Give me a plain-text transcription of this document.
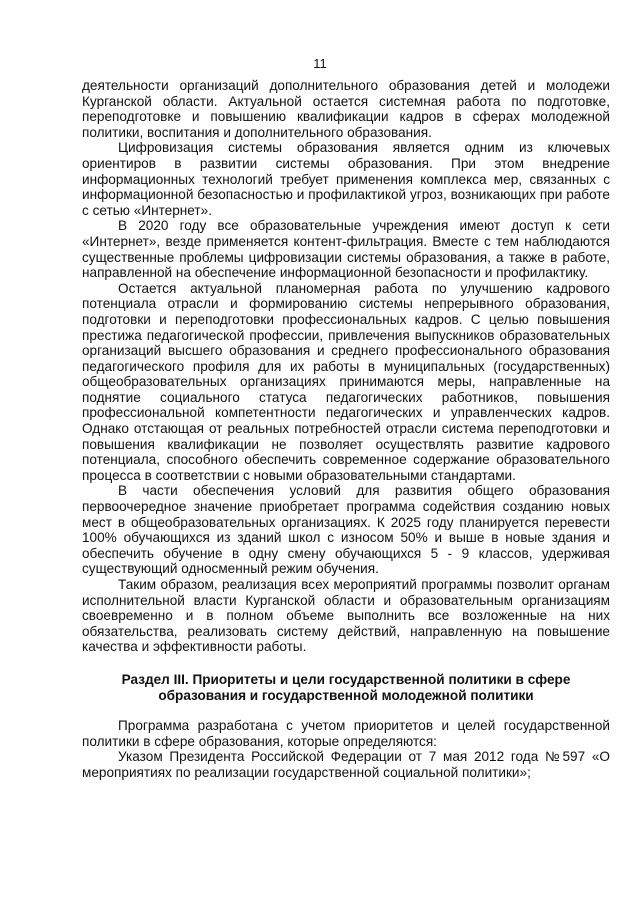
11

деятельности организаций дополнительного образования детей и молодежи Курганской области. Актуальной остается системная работа по подготовке, переподготовке и повышению квалификации кадров в сферах молодежной политики, воспитания и дополнительного образования.

Цифровизация системы образования является одним из ключевых ориентиров в развитии системы образования. При этом внедрение информационных технологий требует применения комплекса мер, связанных с информационной безопасностью и профилактикой угроз, возникающих при работе с сетью «Интернет».

В 2020 году все образовательные учреждения имеют доступ к сети «Интернет», везде применяется контент-фильтрация. Вместе с тем наблюдаются существенные проблемы цифровизации системы образования, а также в работе, направленной на обеспечение информационной безопасности и профилактику.

Остается актуальной планомерная работа по улучшению кадрового потенциала отрасли и формированию системы непрерывного образования, подготовки и переподготовки профессиональных кадров. С целью повышения престижа педагогической профессии, привлечения выпускников образовательных организаций высшего образования и среднего профессионального образования педагогического профиля для их работы в муниципальных (государственных) общеобразовательных организациях принимаются меры, направленные на поднятие социального статуса педагогических работников, повышения профессиональной компетентности педагогических и управленческих кадров. Однако отстающая от реальных потребностей отрасли система переподготовки и повышения квалификации не позволяет осуществлять развитие кадрового потенциала, способного обеспечить современное содержание образовательного процесса в соответствии с новыми образовательными стандартами.

В части обеспечения условий для развития общего образования первоочередное значение приобретает программа содействия созданию новых мест в общеобразовательных организациях. К 2025 году планируется перевести 100% обучающихся из зданий школ с износом 50% и выше в новые здания и обеспечить обучение в одну смену обучающихся 5 - 9 классов, удерживая существующий односменный режим обучения.

Таким образом, реализация всех мероприятий программы позволит органам исполнительной власти Курганской области и образовательным организациям своевременно и в полном объеме выполнить все возложенные на них обязательства, реализовать систему действий, направленную на повышение качества и эффективности работы.

Раздел III. Приоритеты и цели государственной политики в сфере
образования и государственной молодежной политики

Программа разработана с учетом приоритетов и целей государственной политики в сфере образования, которые определяются:

Указом Президента Российской Федерации от 7 мая 2012 года №597 «О мероприятиях по реализации государственной социальной политики»;
